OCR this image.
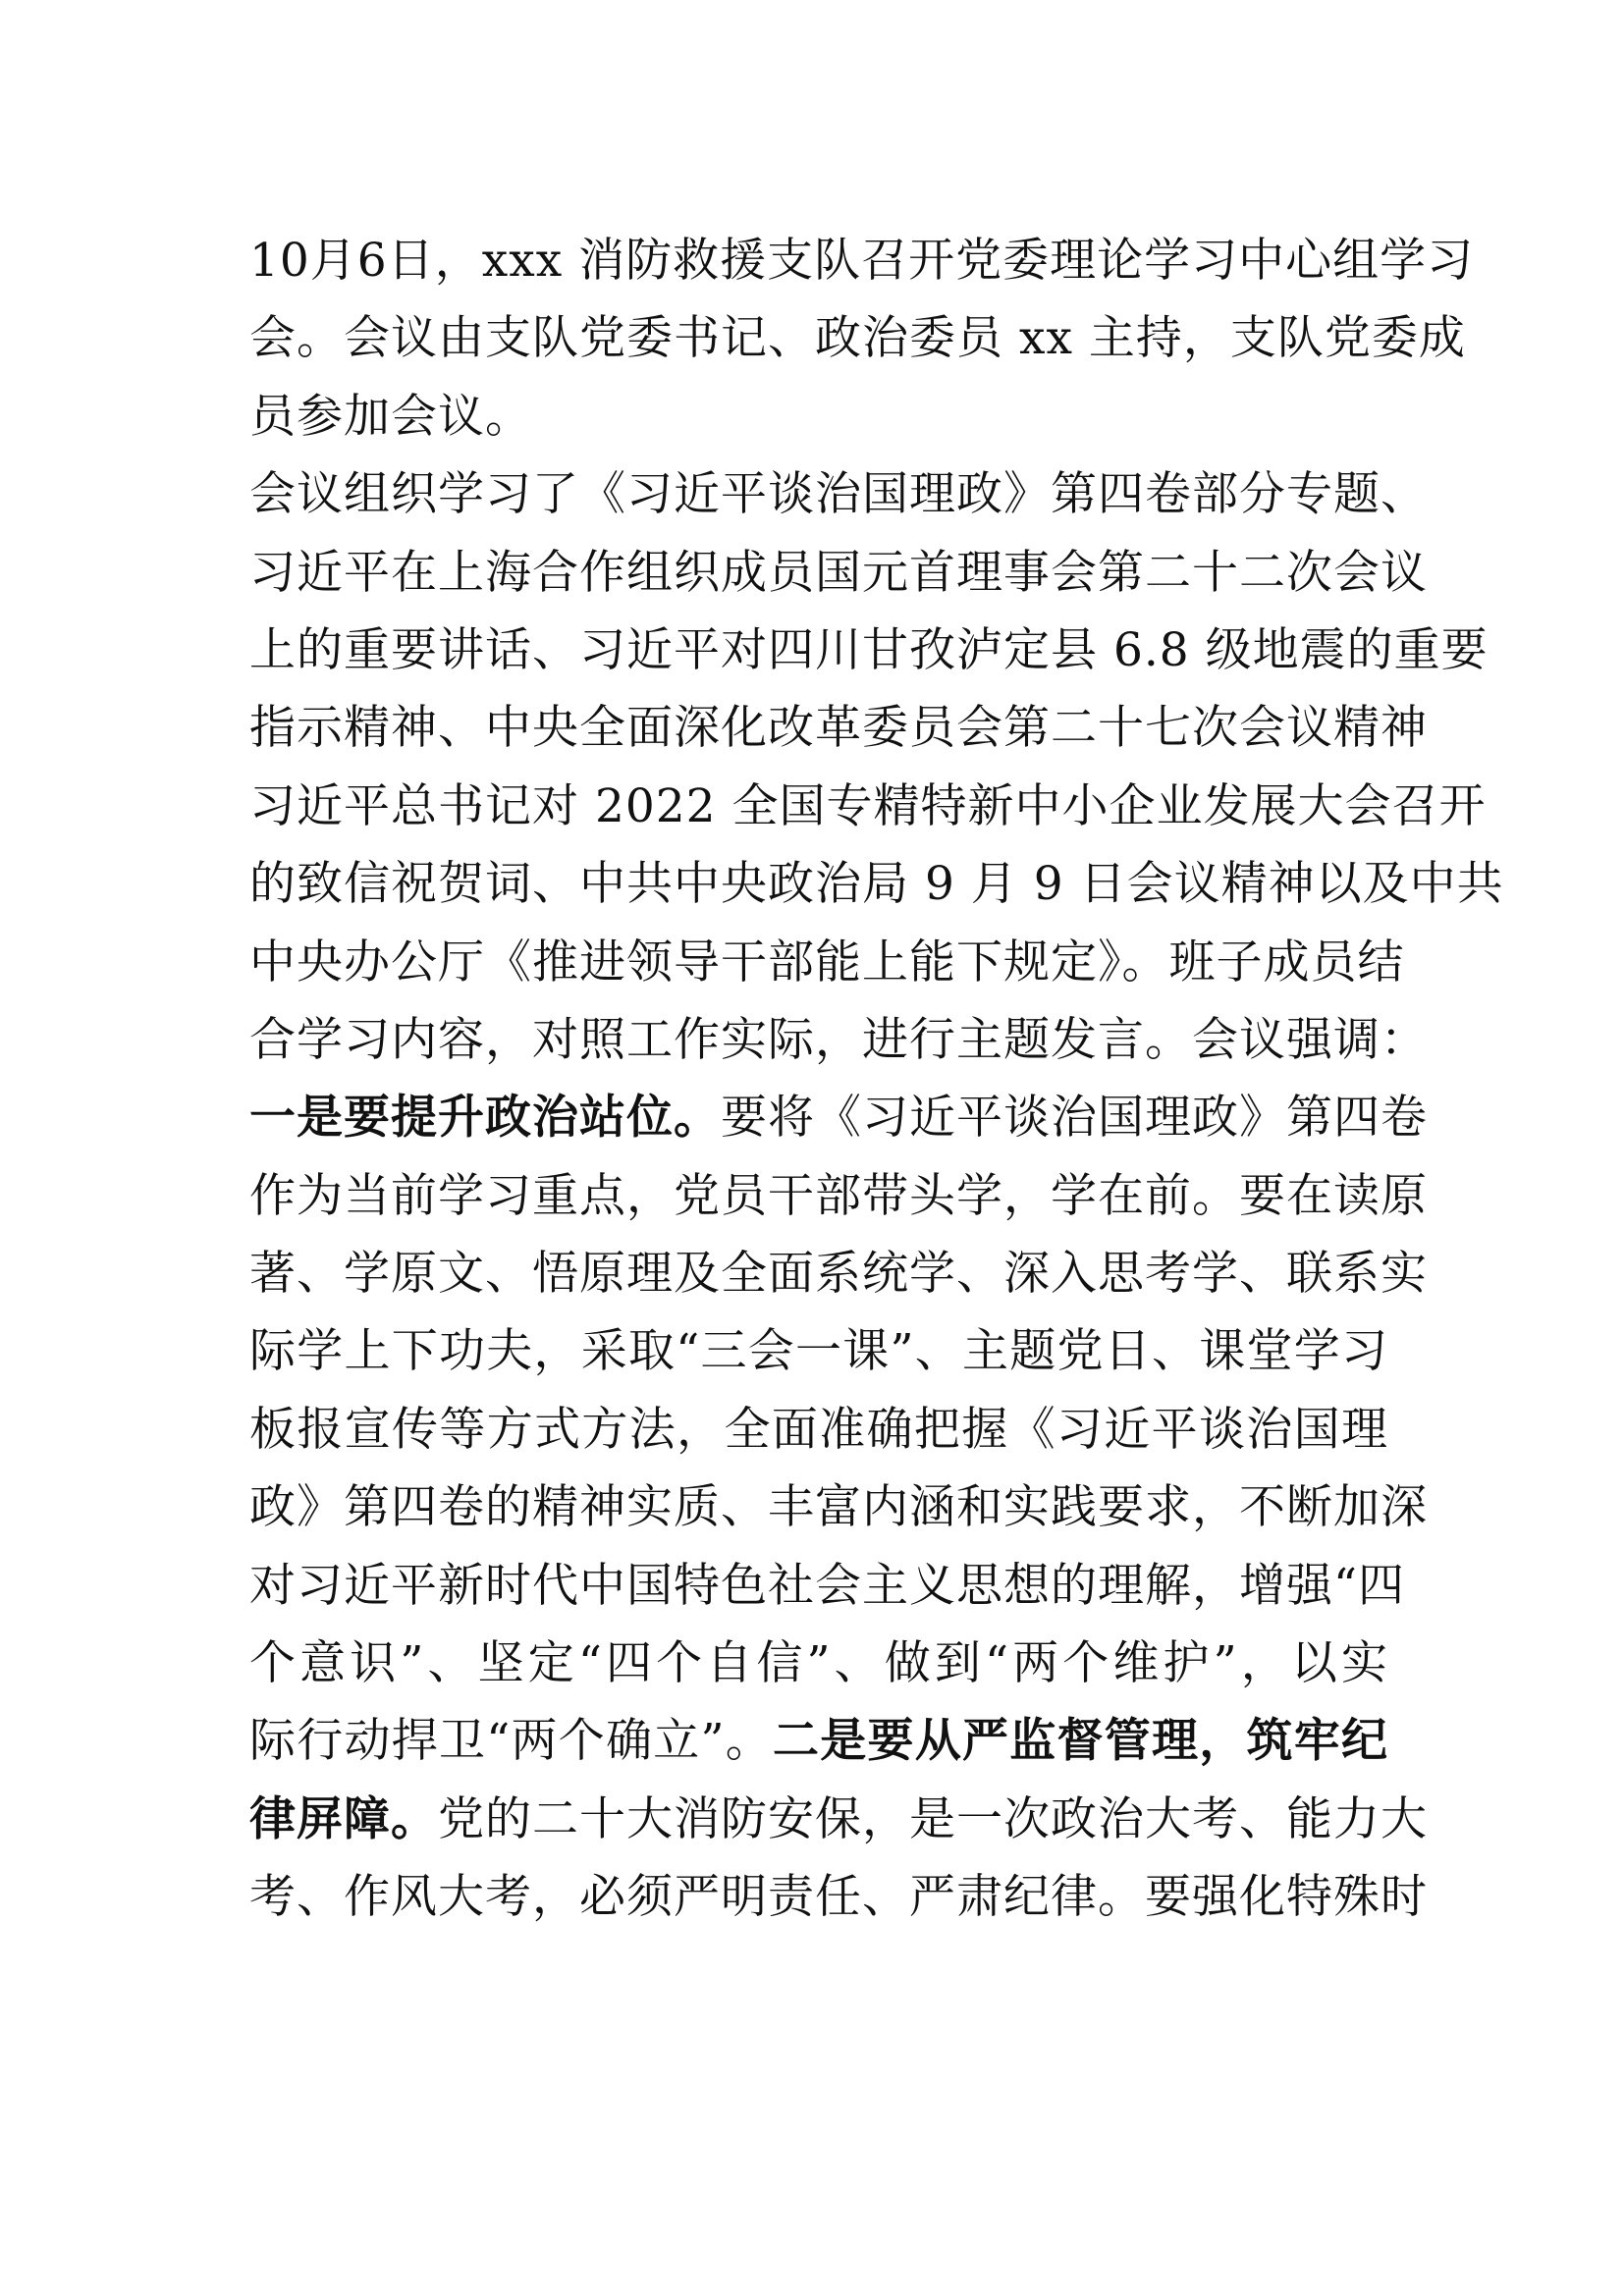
10月6日，xxx 消防救援支队召开党委理论学习中心组学习
会。会议由支队党委书记、政治委员 xx 主持，支队党委成
员参加会议。
会议组织学习了《习近平谈治国理政》第四卷部分专题、
习近平在上海合作组织成员国元首理事会第二十二次会议
上的重要讲话、习近平对四川甘孜泸定县 6.8 级地震的重要
指示精神、中央全面深化改革委员会第二十七次会议精神
习近平总书记对 2022 全国专精特新中小企业发展大会召开
的致信祝贺词、中共中央政治局 9 月 9 日会议精神以及中共
中央办公厅《推进领导干部能上能下规定》。班子成员结
合学习内容，对照工作实际，进行主题发言。会议强调：
一是要提升政治站位。要将《习近平谈治国理政》第四卷
作为当前学习重点，党员干部带头学，学在前。要在读原
著、学原文、悟原理及全面系统学、深入思考学、联系实
际学上下功夫，采取“三会一课”、主题党日、课堂学习
板报宣传等方式方法，全面准确把握《习近平谈治国理
政》第四卷的精神实质、丰富内涵和实践要求，不断加深
对习近平新时代中国特色社会主义思想的理解，增强“四
个意识”、坚定“四个自信”、做到“两个维护”，以实
际行动捍卫“两个确立”。二是要从严监督管理，筑牢纪
律屏障。党的二十大消防安保，是一次政治大考、能力大
考、作风大考，必须严明责任、严肃纪律。要强化特殊时
